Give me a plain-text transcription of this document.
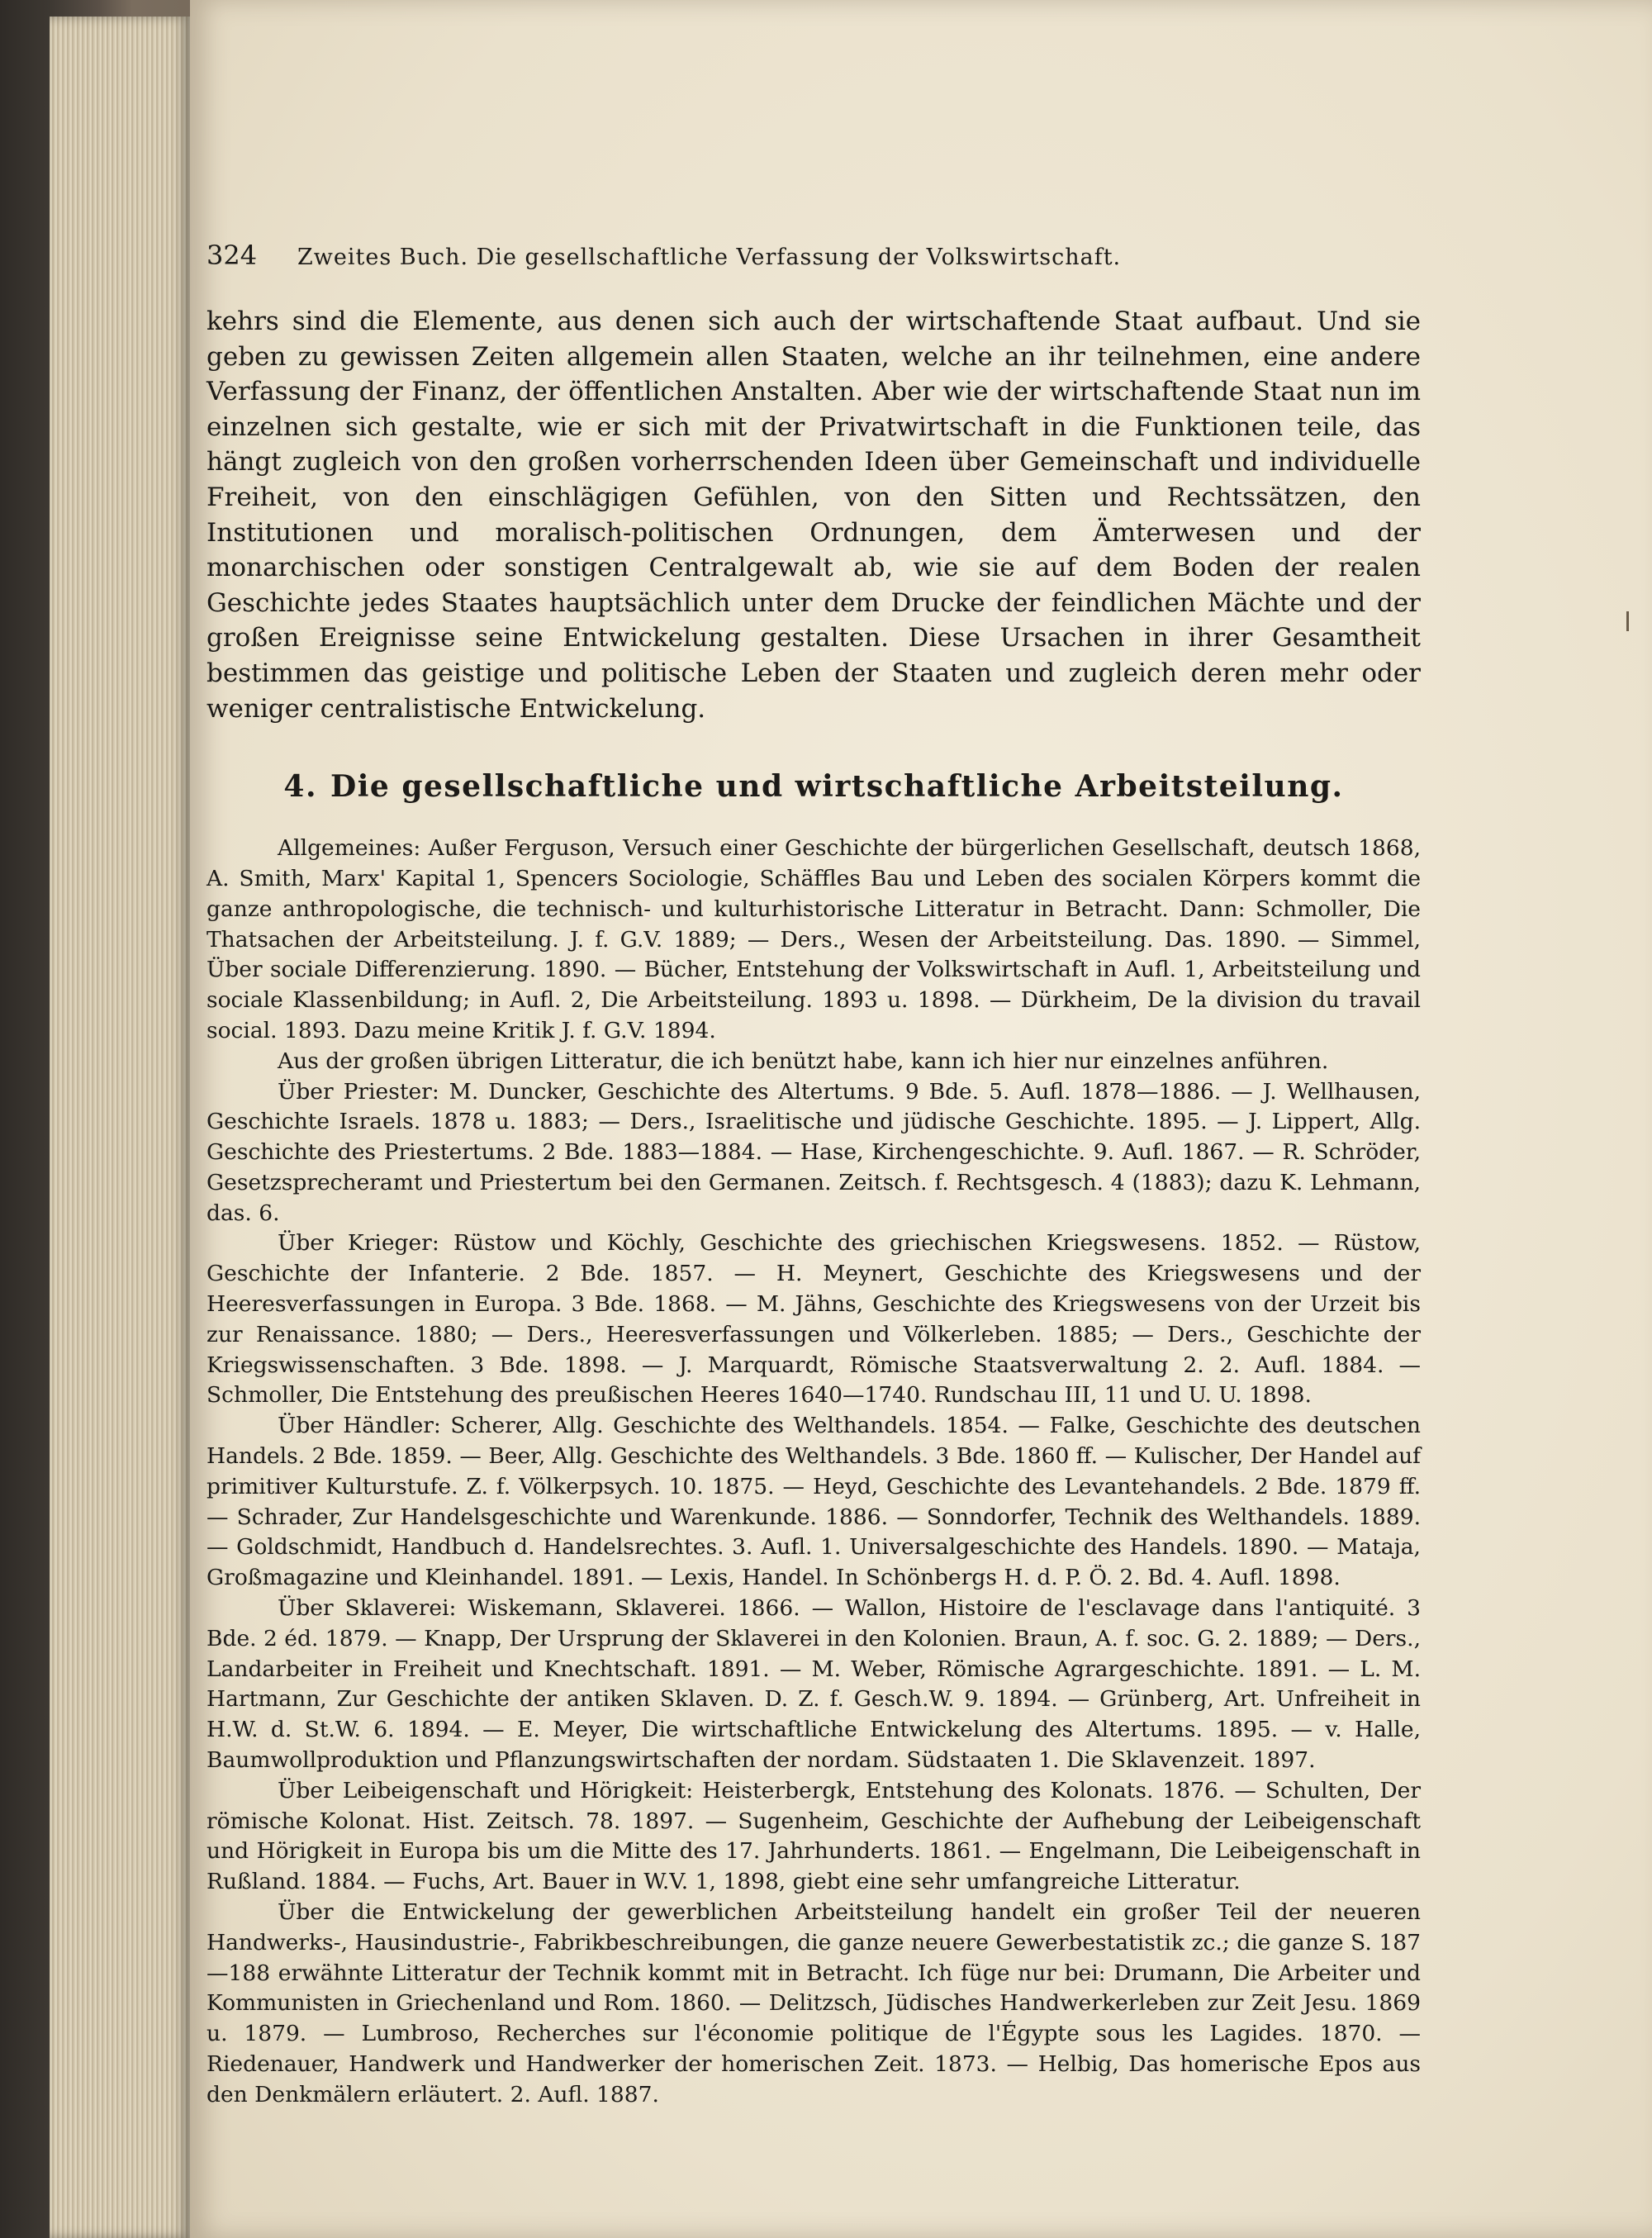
324	Zweites Buch. Die gesellschaftliche Verfassung der Volkswirtschaft.

kehrs sind die Elemente, aus denen sich auch der wirtschaftende Staat aufbaut. Und sie geben zu gewissen Zeiten allgemein allen Staaten, welche an ihr teilnehmen, eine andere Verfassung der Finanz, der öffentlichen Anstalten. Aber wie der wirtschaftende Staat nun im einzelnen sich gestalte, wie er sich mit der Privatwirtschaft in die Funktionen teile, das hängt zugleich von den großen vorherrschenden Ideen über Gemeinschaft und individuelle Freiheit, von den einschlägigen Gefühlen, von den Sitten und Rechtssätzen, den Institutionen und moralisch-politischen Ordnungen, dem Ämterwesen und der monarchischen oder sonstigen Centralgewalt ab, wie sie auf dem Boden der realen Geschichte jedes Staates hauptsächlich unter dem Drucke der feindlichen Mächte und der großen Ereignisse seine Entwickelung gestalten. Diese Ursachen in ihrer Gesamtheit bestimmen das geistige und politische Leben der Staaten und zugleich deren mehr oder weniger centralistische Entwickelung.

4. Die gesellschaftliche und wirtschaftliche Arbeitsteilung.

Allgemeines: Außer Ferguson, Versuch einer Geschichte der bürgerlichen Gesellschaft, deutsch 1868, A. Smith, Marx' Kapital 1, Spencers Sociologie, Schäffles Bau und Leben des socialen Körpers kommt die ganze anthropologische, die technisch- und kulturhistorische Litteratur in Betracht. Dann: Schmoller, Die Thatsachen der Arbeitsteilung. J. f. G.V. 1889; — Ders., Wesen der Arbeitsteilung. Das. 1890. — Simmel, Über sociale Differenzierung. 1890. — Bücher, Entstehung der Volkswirtschaft in Aufl. 1, Arbeitsteilung und sociale Klassenbildung; in Aufl. 2, Die Arbeitsteilung. 1893 u. 1898. — Dürkheim, De la division du travail social. 1893. Dazu meine Kritik J. f. G.V. 1894.

Aus der großen übrigen Litteratur, die ich benützt habe, kann ich hier nur einzelnes anführen.

Über Priester: M. Duncker, Geschichte des Altertums. 9 Bde. 5. Aufl. 1878—1886. — J. Wellhausen, Geschichte Israels. 1878 u. 1883; — Ders., Israelitische und jüdische Geschichte. 1895. — J. Lippert, Allg. Geschichte des Priestertums. 2 Bde. 1883—1884. — Hase, Kirchengeschichte. 9. Aufl. 1867. — R. Schröder, Gesetzsprecheramt und Priestertum bei den Germanen. Zeitsch. f. Rechtsgesch. 4 (1883); dazu K. Lehmann, das. 6.

Über Krieger: Rüstow und Köchly, Geschichte des griechischen Kriegswesens. 1852. — Rüstow, Geschichte der Infanterie. 2 Bde. 1857. — H. Meynert, Geschichte des Kriegswesens und der Heeresverfassungen in Europa. 3 Bde. 1868. — M. Jähns, Geschichte des Kriegswesens von der Urzeit bis zur Renaissance. 1880; — Ders., Heeresverfassungen und Völkerleben. 1885; — Ders., Geschichte der Kriegswissenschaften. 3 Bde. 1898. — J. Marquardt, Römische Staatsverwaltung 2. 2. Aufl. 1884. — Schmoller, Die Entstehung des preußischen Heeres 1640—1740. Rundschau III, 11 und U. U. 1898.

Über Händler: Scherer, Allg. Geschichte des Welthandels. 1854. — Falke, Geschichte des deutschen Handels. 2 Bde. 1859. — Beer, Allg. Geschichte des Welthandels. 3 Bde. 1860 ff. — Kulischer, Der Handel auf primitiver Kulturstufe. Z. f. Völkerpsych. 10. 1875. — Heyd, Geschichte des Levantehandels. 2 Bde. 1879 ff. — Schrader, Zur Handelsgeschichte und Warenkunde. 1886. — Sonndorfer, Technik des Welthandels. 1889. — Goldschmidt, Handbuch d. Handelsrechtes. 3. Aufl. 1. Universalgeschichte des Handels. 1890. — Mataja, Großmagazine und Kleinhandel. 1891. — Lexis, Handel. In Schönbergs H. d. P. Ö. 2. Bd. 4. Aufl. 1898.

Über Sklaverei: Wiskemann, Sklaverei. 1866. — Wallon, Histoire de l'esclavage dans l'antiquité. 3 Bde. 2 éd. 1879. — Knapp, Der Ursprung der Sklaverei in den Kolonien. Braun, A. f. soc. G. 2. 1889; — Ders., Landarbeiter in Freiheit und Knechtschaft. 1891. — M. Weber, Römische Agrargeschichte. 1891. — L. M. Hartmann, Zur Geschichte der antiken Sklaven. D. Z. f. Gesch.W. 9. 1894. — Grünberg, Art. Unfreiheit in H.W. d. St.W. 6. 1894. — E. Meyer, Die wirtschaftliche Entwickelung des Altertums. 1895. — v. Halle, Baumwollproduktion und Pflanzungswirtschaften der nordam. Südstaaten 1. Die Sklavenzeit. 1897.

Über Leibeigenschaft und Hörigkeit: Heisterbergk, Entstehung des Kolonats. 1876. — Schulten, Der römische Kolonat. Hist. Zeitsch. 78. 1897. — Sugenheim, Geschichte der Aufhebung der Leibeigenschaft und Hörigkeit in Europa bis um die Mitte des 17. Jahrhunderts. 1861. — Engelmann, Die Leibeigenschaft in Rußland. 1884. — Fuchs, Art. Bauer in W.V. 1, 1898, giebt eine sehr umfangreiche Litteratur.

Über die Entwickelung der gewerblichen Arbeitsteilung handelt ein großer Teil der neueren Handwerks-, Hausindustrie-, Fabrikbeschreibungen, die ganze neuere Gewerbestatistik zc.; die ganze S. 187—188 erwähnte Litteratur der Technik kommt mit in Betracht. Ich füge nur bei: Drumann, Die Arbeiter und Kommunisten in Griechenland und Rom. 1860. — Delitzsch, Jüdisches Handwerkerleben zur Zeit Jesu. 1869 u. 1879. — Lumbroso, Recherches sur l'économie politique de l'Égypte sous les Lagides. 1870. — Riedenauer, Handwerk und Handwerker der homerischen Zeit. 1873. — Helbig, Das homerische Epos aus den Denkmälern erläutert. 2. Aufl. 1887.
